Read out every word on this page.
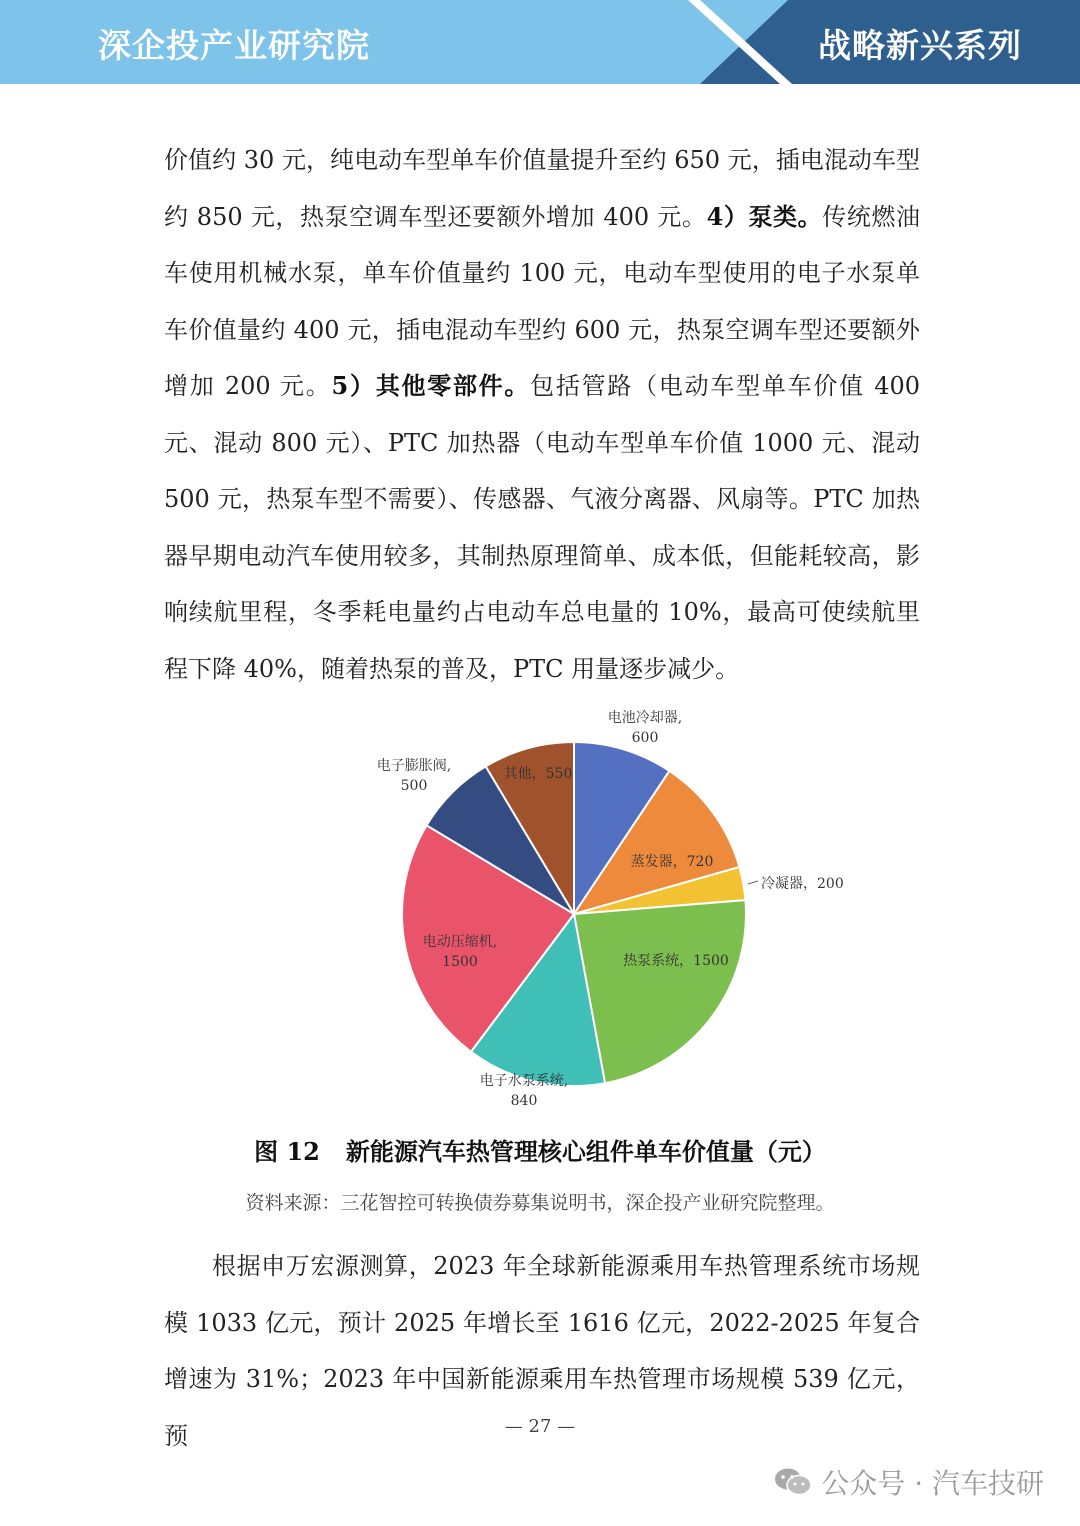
深企投产业研究院	战略新兴系列

价值约 30 元，纯电动车型单车价值量提升至约 650 元，插电混动车型约 850 元，热泵空调车型还要额外增加 400 元。4）泵类。传统燃油车使用机械水泵，单车价值量约 100 元，电动车型使用的电子水泵单车价值量约 400 元，插电混动车型约 600 元，热泵空调车型还要额外增加 200 元。5）其他零部件。包括管路（电动车型单车价值 400 元、混动 800 元）、PTC 加热器（电动车型单车价值 1000 元、混动 500 元，热泵车型不需要）、传感器、气液分离器、风扇等。PTC 加热器早期电动汽车使用较多，其制热原理简单、成本低，但能耗较高，影响续航里程，冬季耗电量约占电动车总电量的 10%，最高可使续航里程下降 40%，随着热泵的普及，PTC 用量逐步减少。

电池冷却器, 600
蒸发器，720
冷凝器，200
热泵系统，1500
电子水泵系统, 840
电动压缩机, 1500
电子膨胀阀, 500
其他，550
图 12 新能源汽车热管理核心组件单车价值量（元）
资料来源：三花智控可转换债券募集说明书，深企投产业研究院整理。

根据申万宏源测算，2023 年全球新能源乘用车热管理系统市场规模 1033 亿元，预计 2025 年增长至 1616 亿元，2022-2025 年复合增速为 31%；2023 年中国新能源乘用车热管理市场规模 539 亿元，预	— 27 —
公众号 · 汽车技研
